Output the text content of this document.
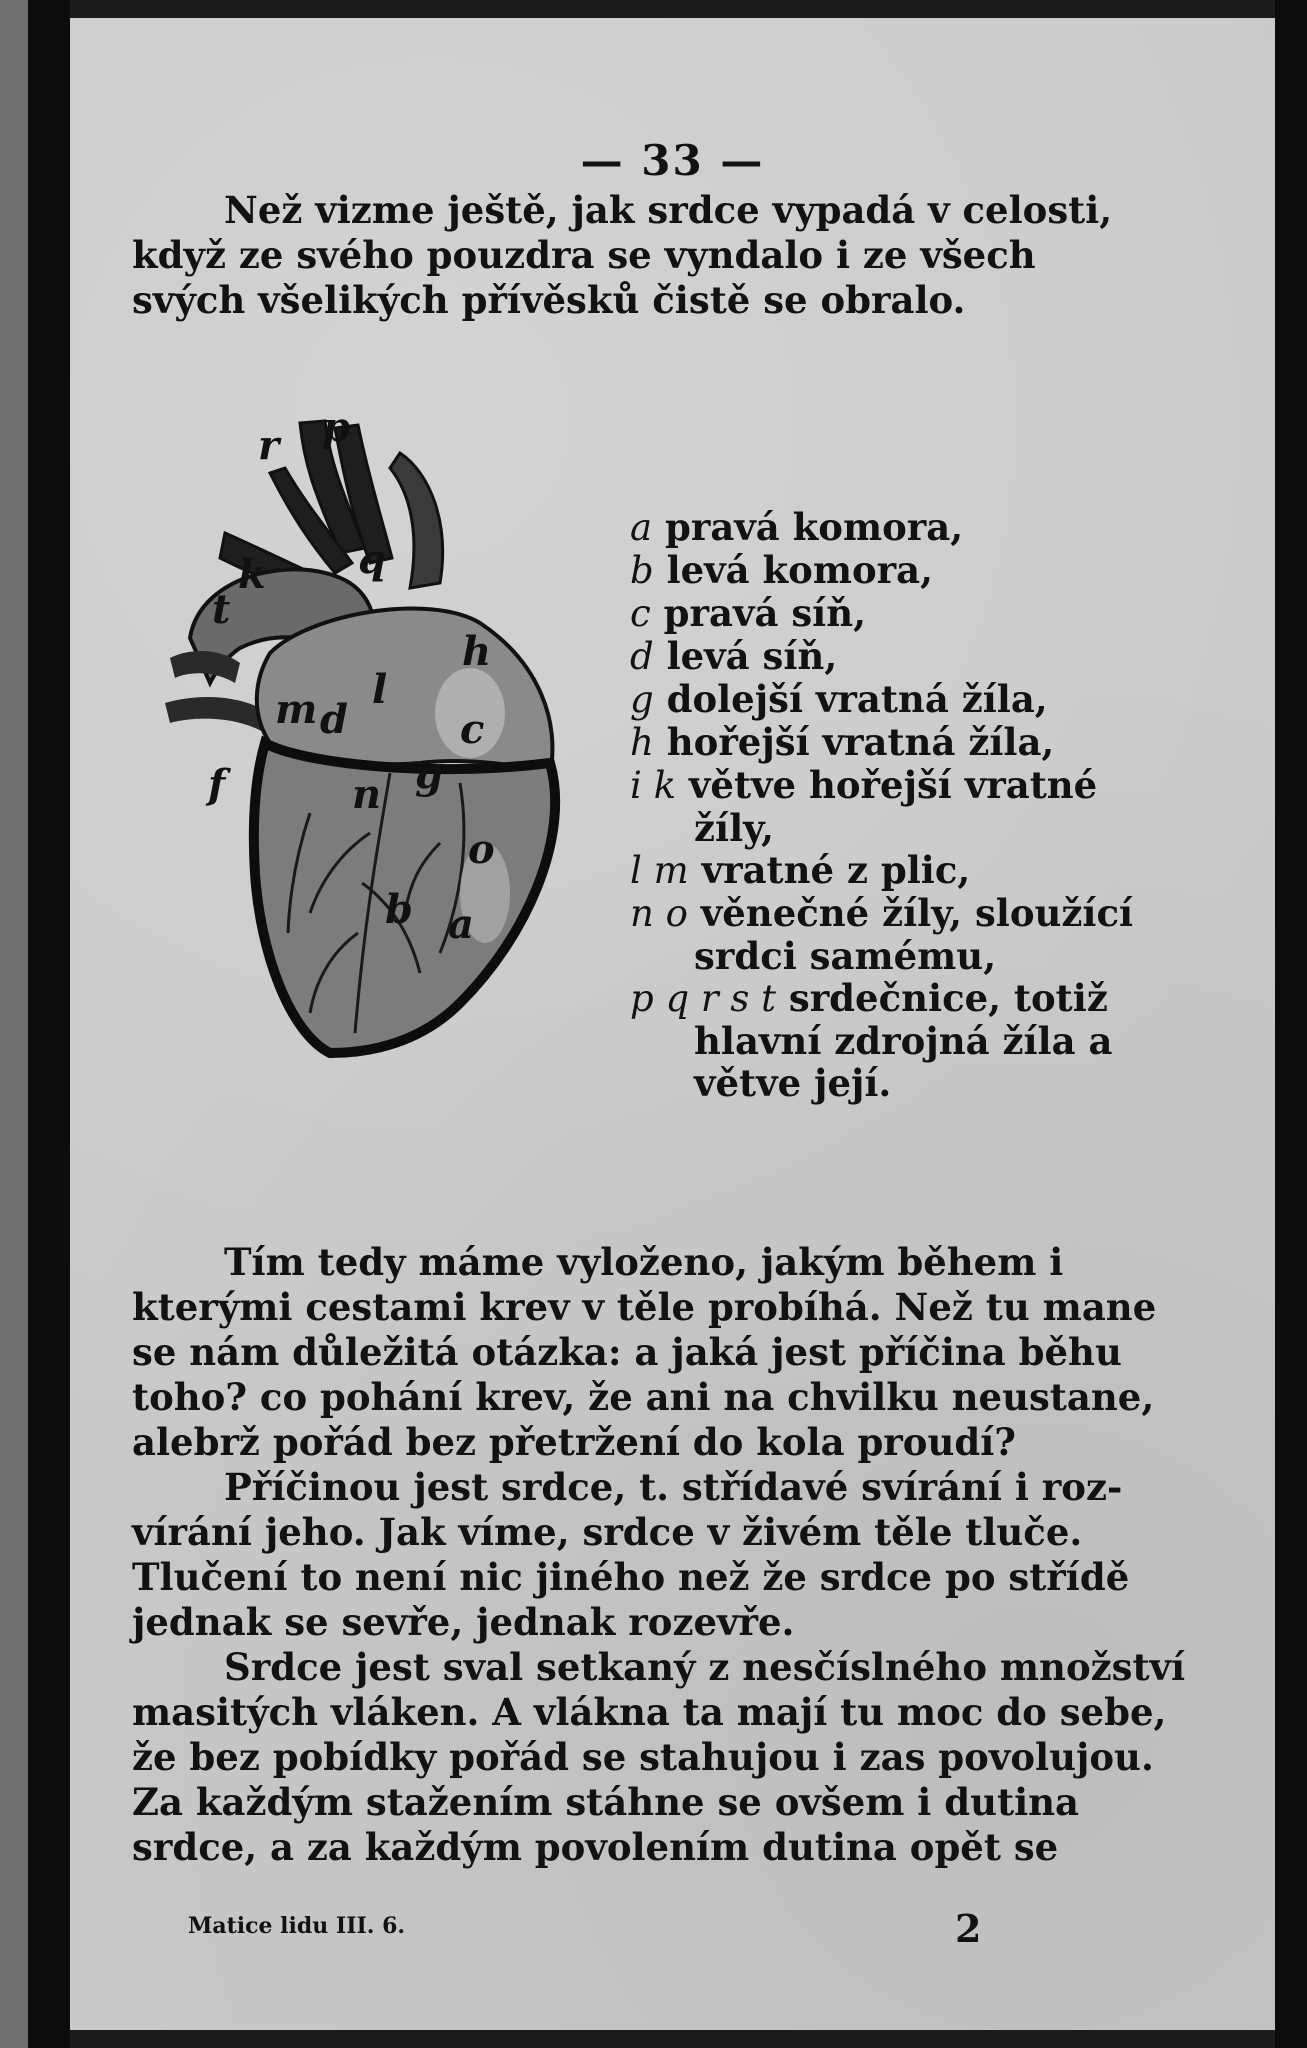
— 33 —
Než vizme ještě, jak srdce vypadá v celosti,
když ze svého pouzdra se vyndalo i ze všech
svých všelikých přívěsků čistě se obralo.
r p
k
t
q
h
l
m d	c
f	n
o
b a
g
a pravá komora,
b levá komora,
c pravá síň,
d levá síň,
g dolejší vratná žíla,
h hořejší vratná žíla,
i k větve hořejší vratné
žíly,
l m vratné z plic,
n o věnečné žíly, sloužící
srdci samému,
p q r s t srdečnice, totiž
hlavní zdrojná žíla a
větve její.
Tím tedy máme vyloženo, jakým během i
kterými cestami krev v těle probíhá. Než tu mane
se nám důležitá otázka: a jaká jest příčina běhu
toho? co pohání krev, že ani na chvilku neustane,
alebrž pořád bez přetržení do kola proudí?
Příčinou jest srdce, t. střídavé svírání i roz-
vírání jeho. Jak víme, srdce v živém těle tluče.
Tlučení to není nic jiného než že srdce po střídě
jednak se sevře, jednak rozevře.
Srdce jest sval setkaný z nesčíslného množství
masitých vláken. A vlákna ta mají tu moc do sebe,
že bez pobídky pořád se stahujou i zas povolujou.
Za každým stažením stáhne se ovšem i dutina
srdce, a za každým povolením dutina opět se
Matice lidu III. 6.	2
